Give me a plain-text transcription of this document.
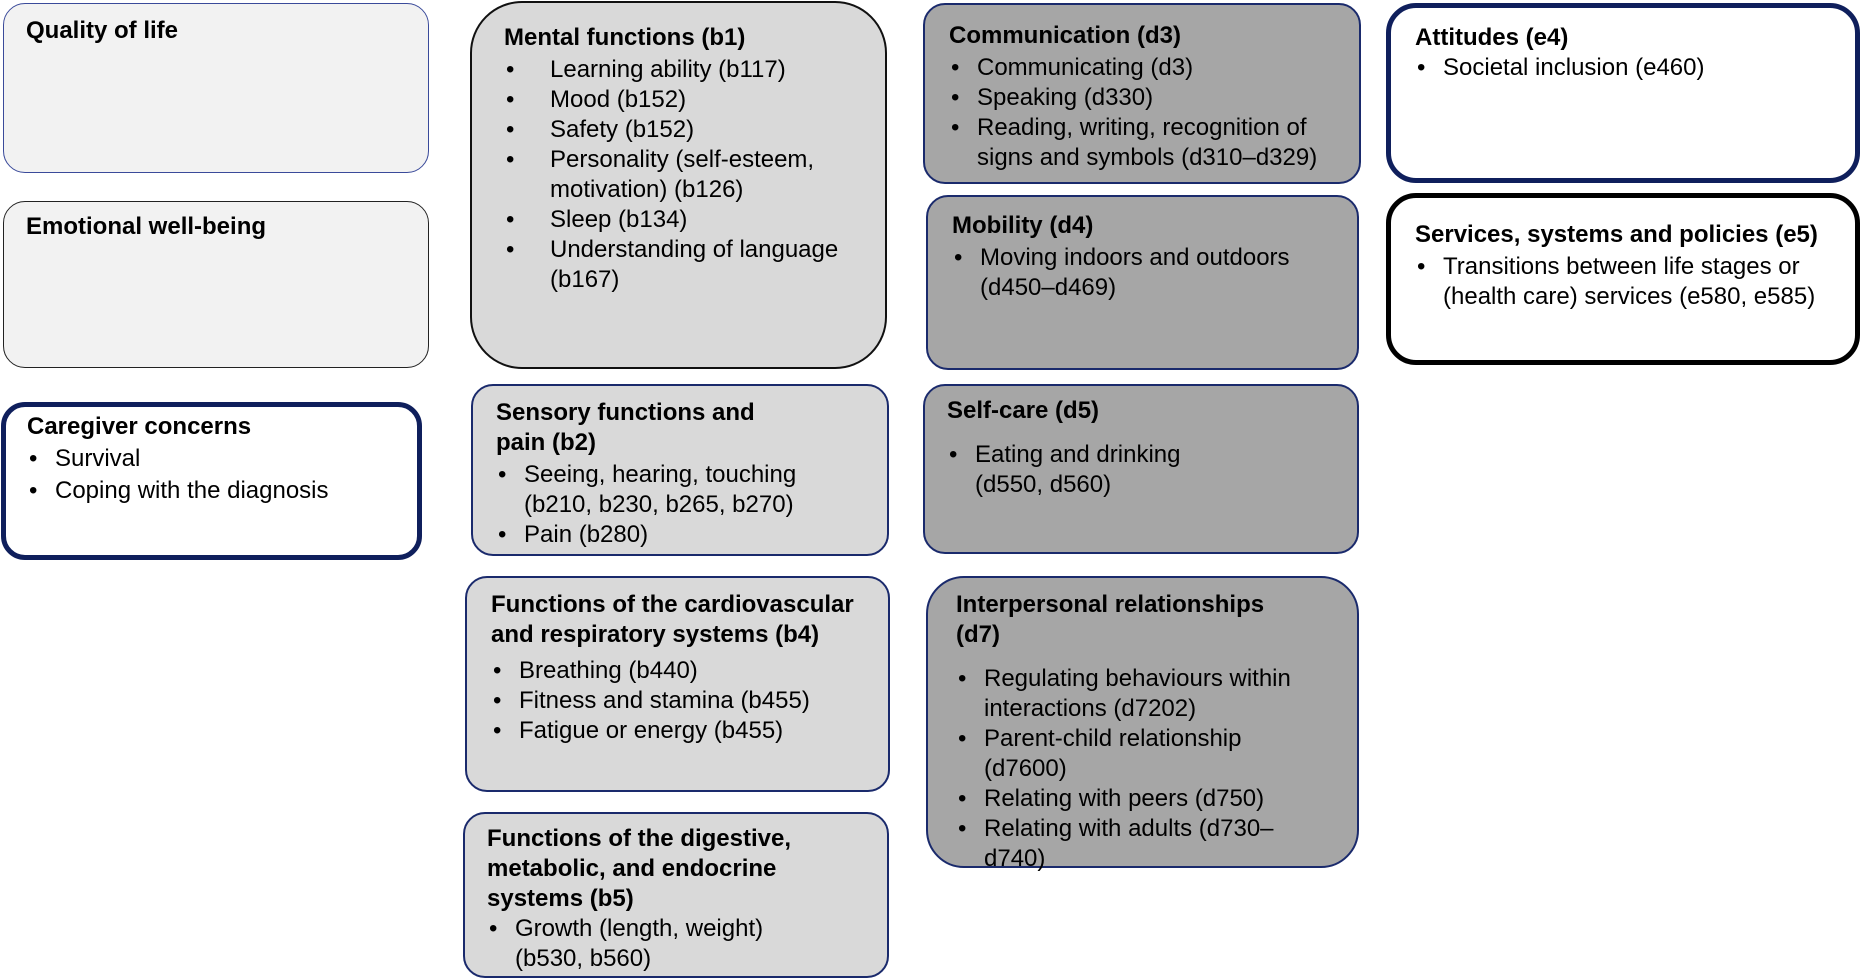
Quality of life
Emotional well-being
Caregiver concerns
• Survival
• Coping with the diagnosis
Mental functions (b1)
• Learning ability (b117)
• Mood (b152)
• Safety (b152)
• Personality (self-esteem, motivation) (b126)
• Sleep (b134)
• Understanding of language (b167)
Sensory functions and pain (b2)
• Seeing, hearing, touching (b210, b230, b265, b270)
• Pain (b280)
Functions of the cardiovascular and respiratory systems (b4)
• Breathing (b440)
• Fitness and stamina (b455)
• Fatigue or energy (b455)
Functions of the digestive, metabolic, and endocrine systems (b5)
• Growth (length, weight) (b530, b560)
Communication (d3)
• Communicating (d3)
• Speaking (d330)
• Reading, writing, recognition of signs and symbols (d310–d329)
Mobility (d4)
• Moving indoors and outdoors (d450–d469)
Self-care (d5)
• Eating and drinking (d550, d560)
Interpersonal relationships (d7)
• Regulating behaviours within interactions (d7202)
• Parent-child relationship (d7600)
• Relating with peers (d750)
• Relating with adults (d730–d740)
Attitudes (e4)
• Societal inclusion (e460)
Services, systems and policies (e5)
• Transitions between life stages or (health care) services (e580, e585)
